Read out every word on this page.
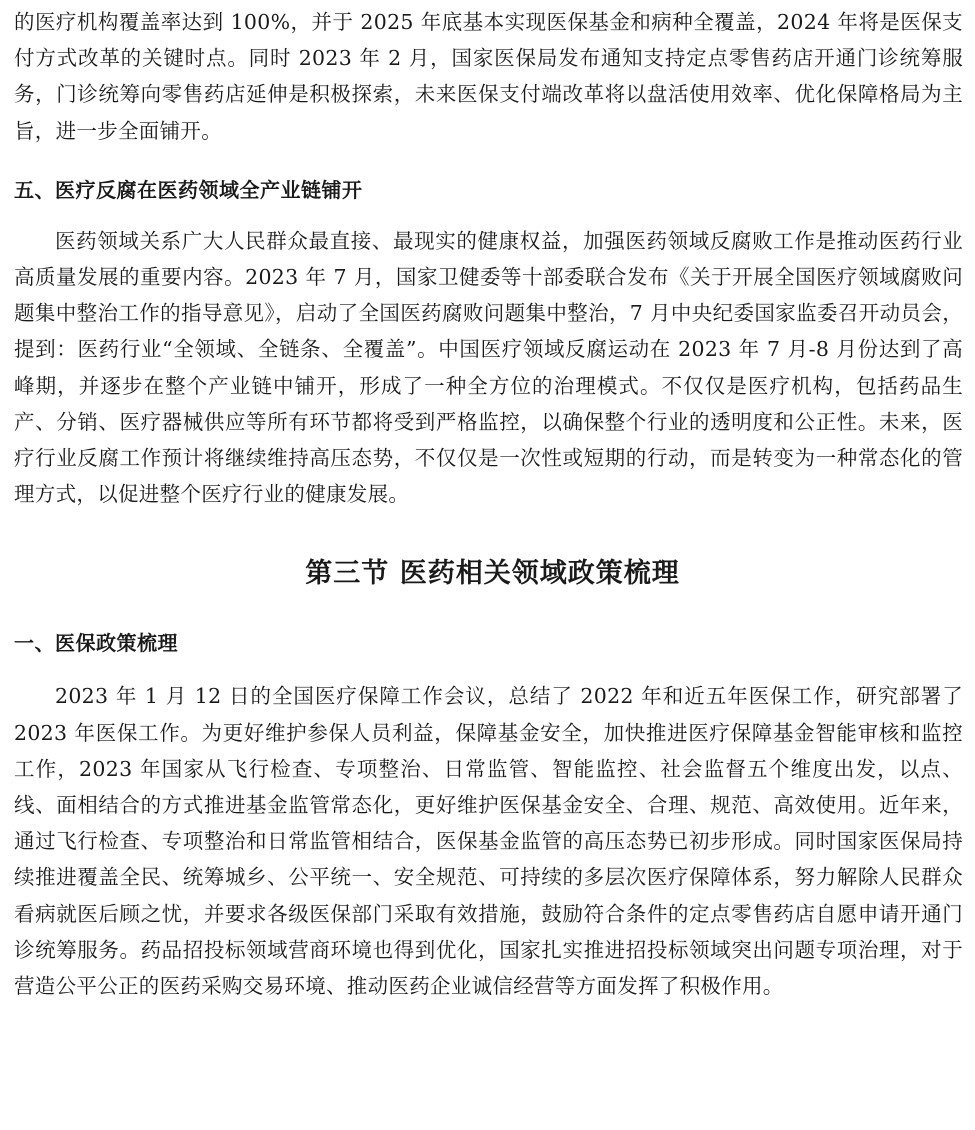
的医疗机构覆盖率达到 100%，并于 2025 年底基本实现医保基金和病种全覆盖，2024 年将是医保支付方式改革的关键时点。同时 2023 年 2 月，国家医保局发布通知支持定点零售药店开通门诊统筹服务，门诊统筹向零售药店延伸是积极探索，未来医保支付端改革将以盘活使用效率、优化保障格局为主旨，进一步全面铺开。

五、医疗反腐在医药领域全产业链铺开

医药领域关系广大人民群众最直接、最现实的健康权益，加强医药领域反腐败工作是推动医药行业高质量发展的重要内容。2023 年 7 月，国家卫健委等十部委联合发布《关于开展全国医疗领域腐败问题集中整治工作的指导意见》，启动了全国医药腐败问题集中整治，7 月中央纪委国家监委召开动员会，提到：医药行业“全领域、全链条、全覆盖”。中国医疗领域反腐运动在 2023 年 7 月-8 月份达到了高峰期，并逐步在整个产业链中铺开，形成了一种全方位的治理模式。不仅仅是医疗机构，包括药品生产、分销、医疗器械供应等所有环节都将受到严格监控，以确保整个行业的透明度和公正性。未来，医疗行业反腐工作预计将继续维持高压态势，不仅仅是一次性或短期的行动，而是转变为一种常态化的管理方式，以促进整个医疗行业的健康发展。

第三节 医药相关领域政策梳理
一、医保政策梳理

2023 年 1 月 12 日的全国医疗保障工作会议，总结了 2022 年和近五年医保工作，研究部署了 2023 年医保工作。为更好维护参保人员利益，保障基金安全，加快推进医疗保障基金智能审核和监控工作，2023 年国家从飞行检查、专项整治、日常监管、智能监控、社会监督五个维度出发，以点、线、面相结合的方式推进基金监管常态化，更好维护医保基金安全、合理、规范、高效使用。近年来，通过飞行检查、专项整治和日常监管相结合，医保基金监管的高压态势已初步形成。同时国家医保局持续推进覆盖全民、统筹城乡、公平统一、安全规范、可持续的多层次医疗保障体系，努力解除人民群众看病就医后顾之忧，并要求各级医保部门采取有效措施，鼓励符合条件的定点零售药店自愿申请开通门诊统筹服务。药品招投标领域营商环境也得到优化，国家扎实推进招投标领域突出问题专项治理，对于营造公平公正的医药采购交易环境、推动医药企业诚信经营等方面发挥了积极作用。
